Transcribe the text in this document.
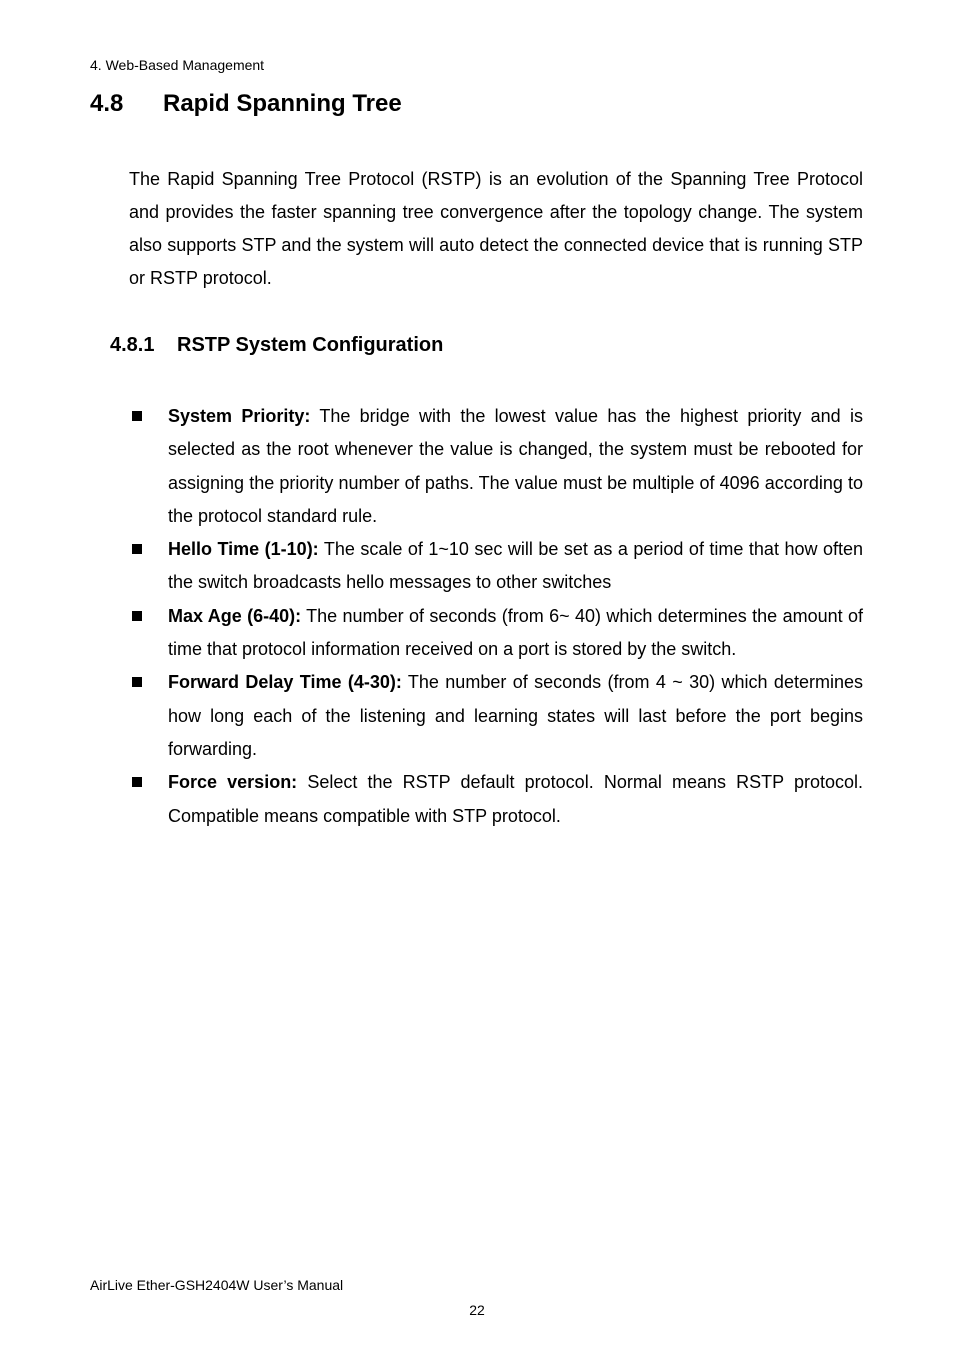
4. Web-Based Management
4.8 Rapid Spanning Tree

The Rapid Spanning Tree Protocol (RSTP) is an evolution of the Spanning Tree Protocol and provides the faster spanning tree convergence after the topology change. The system also supports STP and the system will auto detect the connected device that is running STP or RSTP protocol.

4.8.1 RSTP System Configuration
System Priority: The bridge with the lowest value has the highest priority and is selected as the root whenever the value is changed, the system must be rebooted for assigning the priority number of paths. The value must be multiple of 4096 according to the protocol standard rule.
Hello Time (1-10): The scale of 1~10 sec will be set as a period of time that how often the switch broadcasts hello messages to other switches
Max Age (6-40): The number of seconds (from 6~ 40) which determines the amount of time that protocol information received on a port is stored by the switch.
Forward Delay Time (4-30): The number of seconds (from 4 ~ 30) which determines how long each of the listening and learning states will last before the port begins forwarding.
Force version: Select the RSTP default protocol. Normal means RSTP protocol. Compatible means compatible with STP protocol.
AirLive Ether-GSH2404W User’s Manual
22
